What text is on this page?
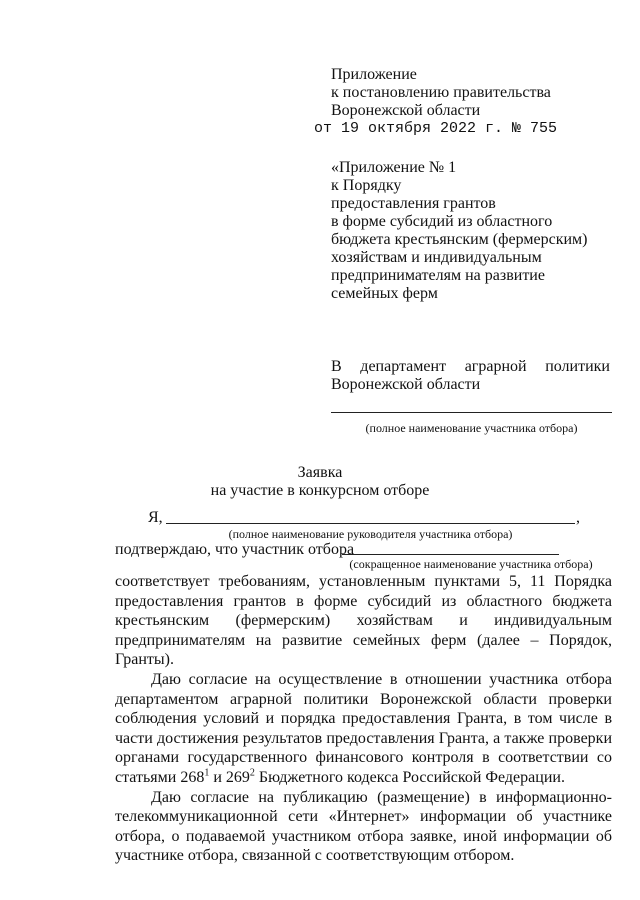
Приложение
к постановлению правительства
Воронежской области
от 19 октября 2022 г. № 755
«Приложение № 1
к Порядку
предоставления грантов
в форме субсидий из областного
бюджета крестьянским (фермерским)
хозяйствам и индивидуальным
предпринимателям на развитие
семейных ферм
В департамент аграрной политики
Воронежской области
(полное наименование участника отбора)
Заявка
на участие в конкурсном отборе
Я,	,
(полное наименование руководителя участника отбора)
подтверждаю, что участник отбора
(сокращенное наименование участника отбора)
соответствует требованиям, установленным пунктами 5, 11 Порядка
предоставления грантов в форме субсидий из областного бюджета
крестьянским (фермерским) хозяйствам и индивидуальным
предпринимателям на развитие семейных ферм (далее – Порядок, Гранты).

Даю согласие на осуществление в отношении участника отбора департаментом аграрной политики Воронежской области проверки соблюдения условий и порядка предоставления Гранта, в том числе в части достижения результатов предоставления Гранта, а также проверки органами государственного финансового контроля в соответствии со статьями $268^1$ и $269^2$ Бюджетного кодекса Российской Федерации.

Даю согласие на публикацию (размещение) в информационно-телекоммуникационной сети «Интернет» информации об участнике отбора, о подаваемой участником отбора заявке, иной информации об участнике отбора, связанной с соответствующим отбором.
